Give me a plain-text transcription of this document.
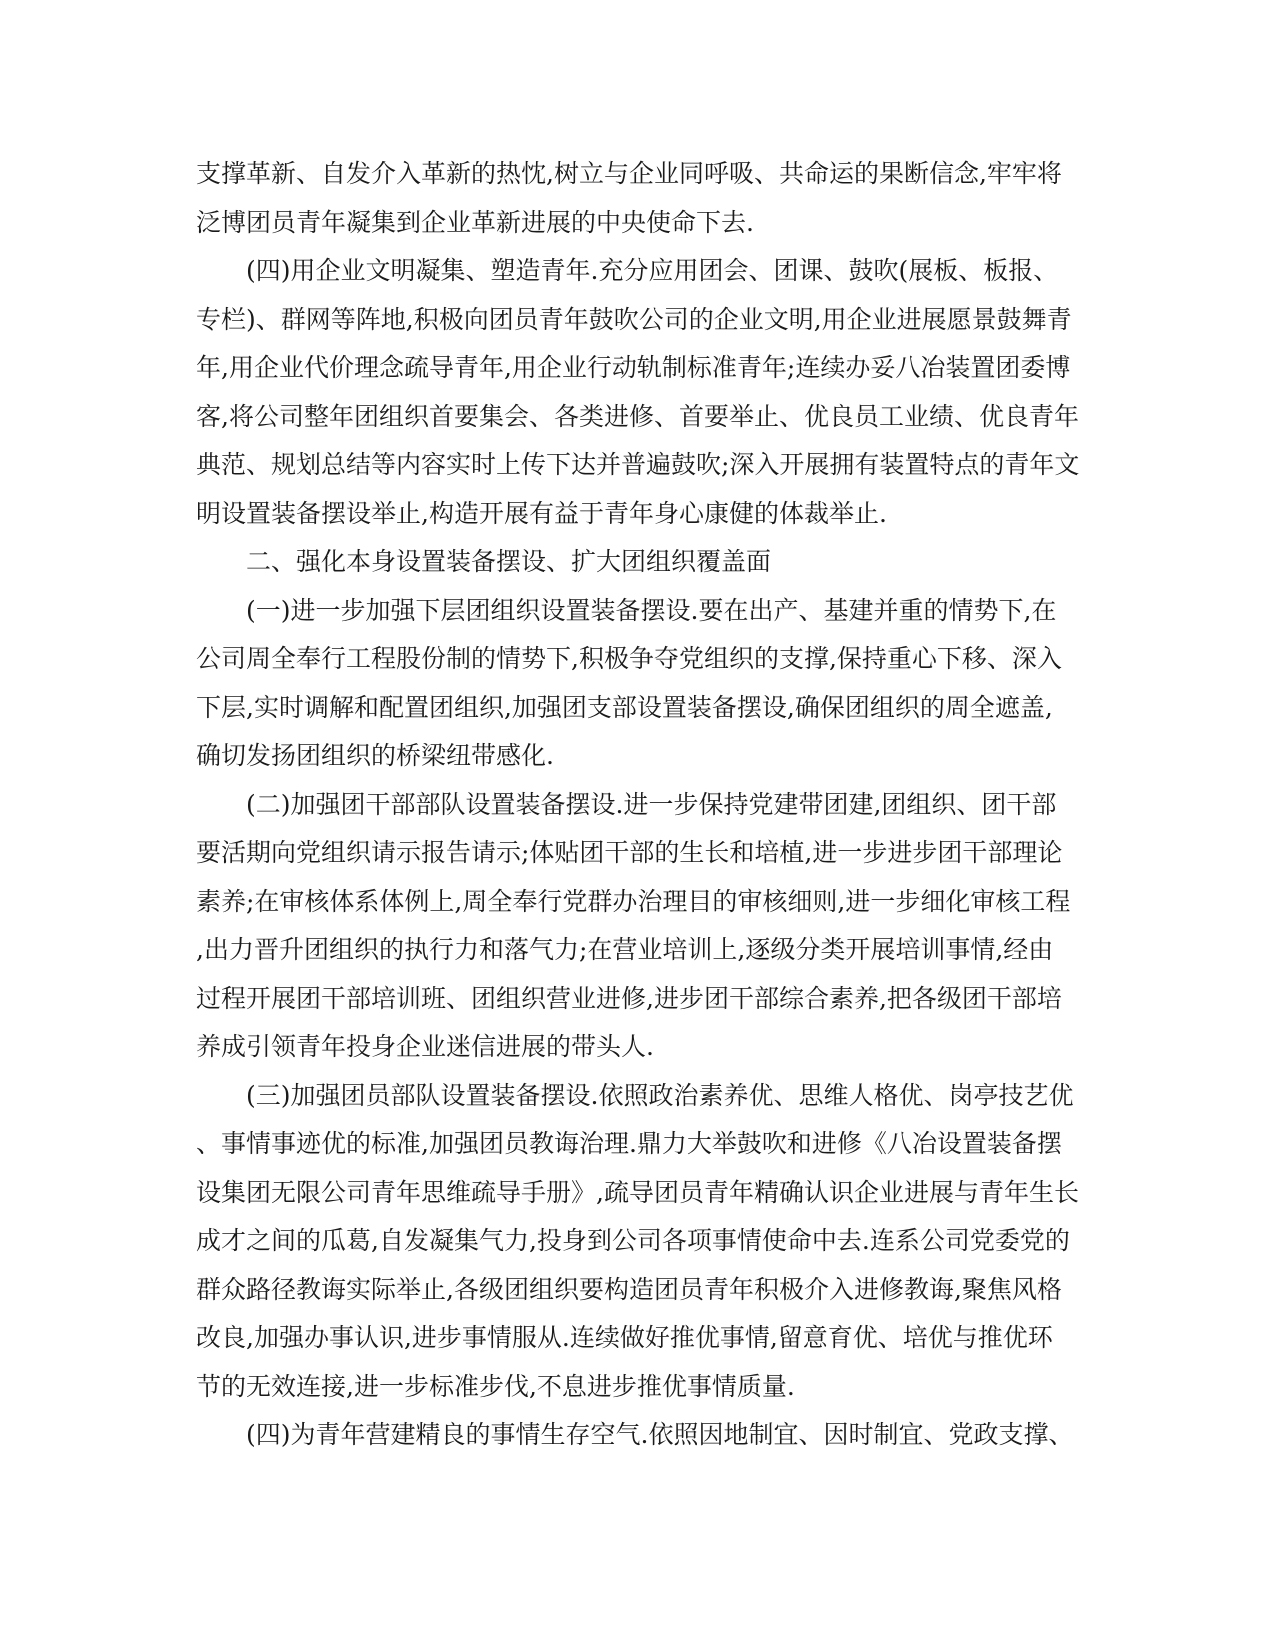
支撑革新、自发介入革新的热忱,树立与企业同呼吸、共命运的果断信念,牢牢将
泛博团员青年凝集到企业革新进展的中央使命下去.
(四)用企业文明凝集、塑造青年.充分应用团会、团课、鼓吹(展板、板报、
专栏)、群网等阵地,积极向团员青年鼓吹公司的企业文明,用企业进展愿景鼓舞青
年,用企业代价理念疏导青年,用企业行动轨制标准青年;连续办妥八冶装置团委博
客,将公司整年团组织首要集会、各类进修、首要举止、优良员工业绩、优良青年
典范、规划总结等内容实时上传下达并普遍鼓吹;深入开展拥有装置特点的青年文
明设置装备摆设举止,构造开展有益于青年身心康健的体裁举止.
二、强化本身设置装备摆设、扩大团组织覆盖面
(一)进一步加强下层团组织设置装备摆设.要在出产、基建并重的情势下,在
公司周全奉行工程股份制的情势下,积极争夺党组织的支撑,保持重心下移、深入
下层,实时调解和配置团组织,加强团支部设置装备摆设,确保团组织的周全遮盖,
确切发扬团组织的桥梁纽带感化.
(二)加强团干部部队设置装备摆设.进一步保持党建带团建,团组织、团干部
要活期向党组织请示报告请示;体贴团干部的生长和培植,进一步进步团干部理论
素养;在审核体系体例上,周全奉行党群办治理目的审核细则,进一步细化审核工程
,出力晋升团组织的执行力和落气力;在营业培训上,逐级分类开展培训事情,经由
过程开展团干部培训班、团组织营业进修,进步团干部综合素养,把各级团干部培
养成引领青年投身企业迷信进展的带头人.
(三)加强团员部队设置装备摆设.依照政治素养优、思维人格优、岗亭技艺优
、事情事迹优的标准,加强团员教诲治理.鼎力大举鼓吹和进修《八冶设置装备摆
设集团无限公司青年思维疏导手册》,疏导团员青年精确认识企业进展与青年生长
成才之间的瓜葛,自发凝集气力,投身到公司各项事情使命中去.连系公司党委党的
群众路径教诲实际举止,各级团组织要构造团员青年积极介入进修教诲,聚焦风格
改良,加强办事认识,进步事情服从.连续做好推优事情,留意育优、培优与推优环
节的无效连接,进一步标准步伐,不息进步推优事情质量.
(四)为青年营建精良的事情生存空气.依照因地制宜、因时制宜、党政支撑、
